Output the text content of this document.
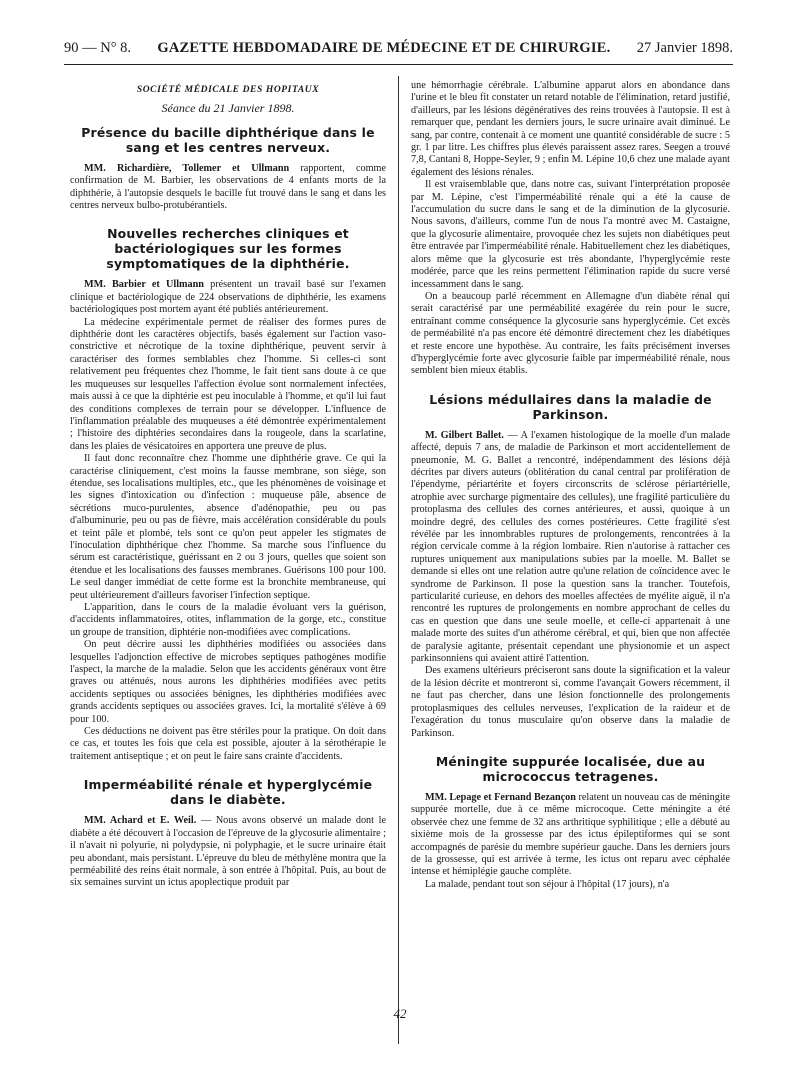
90 — N° 8. GAZETTE HEBDOMADAIRE DE MÉDECINE ET DE CHIRURGIE. 27 Janvier 1898.
SOCIÉTÉ MÉDICALE DES HOPITAUX
Séance du 21 Janvier 1898.
Présence du bacille diphthérique dans le sang et les centres nerveux.

MM. Richardière, Tollemer et Ullmann rapportent, comme confirmation de M. Barbier, les observations de 4 enfants morts de la diphthérie, à l'autopsie desquels le bacille fut trouvé dans le sang et dans les centres nerveux bulbo-protubérantiels.

Nouvelles recherches cliniques et bactériologiques sur les formes symptomatiques de la diphthérie.

MM. Barbier et Ullmann présentent un travail basé sur l'examen clinique et bactériologique de 224 observations de diphthérie, les examens bactériologiques post mortem ayant été publiés antérieurement.

La médecine expérimentale permet de réaliser des formes pures de diphthérie dont les caractères objectifs, basés également sur l'action vaso-constrictive et nécrotique de la toxine diphthérique, peuvent servir à caractériser des formes semblables chez l'homme. Si celles-ci sont relativement peu fréquentes chez l'homme, le fait tient sans doute à ce que les muqueuses sur lesquelles l'affection évolue sont normalement infectées, mais aussi à ce que la diphtérie est peu inoculable à l'homme, et qu'il lui faut des conditions complexes de terrain pour se développer. L'influence de l'inflammation préalable des muqueuses a été démontrée expérimentalement ; l'histoire des diphtéries secondaires dans la rougeole, dans la scarlatine, dans les plaies de vésicatoires en apportera une preuve de plus.

Il faut donc reconnaître chez l'homme une diphthérie grave. Ce qui la caractérise cliniquement, c'est moins la fausse membrane, son siège, son étendue, ses localisations multiples, etc., que les phénomènes de voisinage et les signes d'intoxication ou d'infection : muqueuse pâle, absence de sécrétions muco-purulentes, absence d'adénopathie, peu ou pas d'albuminurie, peu ou pas de fièvre, mais accélération considérable du pouls et teint pâle et plombé, tels sont ce qu'on peut appeler les stigmates de l'inoculation diphthérique chez l'homme. Sa marche sous l'influence du sérum est caractéristique, guérissant en 2 ou 3 jours, quelles que soient son étendue et les localisations des fausses membranes. Guérisons 100 pour 100. Le seul danger immédiat de cette forme est la bronchite membraneuse, qui peut ultérieurement d'ailleurs favoriser l'infection septique.

L'apparition, dans le cours de la maladie évoluant vers la guérison, d'accidents inflammatoires, otites, inflammation de la gorge, etc., constitue un groupe de transition, diphtérie non-modifiées avec complications.

On peut décrire aussi les diphthéries modifiées ou associées dans lesquelles l'adjonction effective de microbes septiques pathogènes modifie l'aspect, la marche de la maladie. Selon que les accidents généraux vont être graves ou atténués, nous aurons les diphthéries modifiées avec petits accidents septiques ou associées bénignes, les diphthéries modifiées avec grands accidents septiques ou associées graves. Ici, la mortalité s'élève à 69 pour 100.

Ces déductions ne doivent pas être stériles pour la pratique. On doit dans ce cas, et toutes les fois que cela est possible, ajouter à la sérothérapie le traitement antiseptique ; et on peut le faire sans crainte d'accidents.

Imperméabilité rénale et hyperglycémie dans le diabète.

MM. Achard et E. Weil. — Nous avons observé un malade dont le diabète a été découvert à l'occasion de l'épreuve de la glycosurie alimentaire ; il n'avait ni polyurie, ni polydypsie, ni polyphagie, et le sucre urinaire était peu abondant, mais persistant. L'épreuve du bleu de méthylène montra que la perméabilité des reins était normale, à son entrée à l'hôpital. Puis, au bout de six semaines survint un ictus apoplectique produit par

une hémorrhagie cérébrale. L'albumine apparut alors en abondance dans l'urine et le bleu fit constater un retard notable de l'élimination, retard justifié, d'ailleurs, par les lésions dégénératives des reins trouvées à l'autopsie. Il est à remarquer que, pendant les derniers jours, le sucre urinaire avait diminué. Le sang, par contre, contenait à ce moment une quantité considérable de sucre : 5 gr. 1 par litre. Les chiffres plus élevés paraissent assez rares. Seegen a trouvé 7,8, Cantani 8, Hoppe-Seyler, 9 ; enfin M. Lépine 10,6 chez une malade ayant également des lésions rénales.

Il est vraisemblable que, dans notre cas, suivant l'interprétation proposée par M. Lépine, c'est l'imperméabilité rénale qui a été la cause de l'accumulation du sucre dans le sang et de la diminution de la glycosurie. Nous savons, d'ailleurs, comme l'un de nous l'a montré avec M. Castaigne, que la glycosurie alimentaire, provoquée chez les sujets non diabétiques peut être entravée par l'imperméabilité rénale. Habituellement chez les diabétiques, alors même que la glycosurie est très abondante, l'hyperglycémie reste modérée, parce que les reins permettent l'élimination rapide du sucre versé incessamment dans le sang.

On a beaucoup parlé récemment en Allemagne d'un diabète rénal qui serait caractérisé par une perméabilité exagérée du rein pour le sucre, entraînant comme conséquence la glycosurie sans hyperglycémie. Cet excès de perméabilité n'a pas encore été démontré directement chez les diabétiques et reste encore une hypothèse. Au contraire, les faits précisément inverses d'hyperglycémie forte avec glycosurie faible par imperméabilité rénale, nous semblent bien mieux établis.

Lésions médullaires dans la maladie de Parkinson.

M. Gilbert Ballet. — A l'examen histologique de la moelle d'un malade affecté, depuis 7 ans, de maladie de Parkinson et mort accidentellement de pneumonie, M. G. Ballet a rencontré, indépendamment des lésions déjà décrites par divers auteurs (oblitération du canal central par prolifération de l'épendyme, périartérite et foyers circonscrits de sclérose périartérielle, atrophie avec surcharge pigmentaire des cellules), une fragilité particulière du protoplasma des cellules des cornes antérieures, et aussi, quoique à un moindre degré, des cellules des cornes postérieures. Cette fragilité s'est révélée par les innombrables ruptures de prolongements, rencontrées à la région cervicale comme à la région lombaire. Rien n'autorise à rattacher ces ruptures uniquement aux manipulations subies par la moelle. M. Ballet se demande si elles ont une relation autre qu'une relation de coïncidence avec le syndrome de Parkinson. Il pose la question sans la trancher. Toutefois, particularité curieuse, en dehors des moelles affectées de myélite aiguë, il n'a rencontré les ruptures de prolongements en nombre approchant de celles du cas en question que dans une seule moelle, et celle-ci appartenait à une malade morte des suites d'un athérome cérébral, et qui, bien que non affectée de paralysie agitante, présentait cependant une physionomie et un aspect parkinsonniens qui avaient attiré l'attention.

Des examens ultérieurs préciseront sans doute la signification et la valeur de la lésion décrite et montreront si, comme l'avançait Gowers récemment, il ne faut pas chercher, dans une lésion fonctionnelle des prolongements protoplasmiques des cellules nerveuses, l'explication de la raideur et de l'exagération du tonus musculaire qu'on observe dans la maladie de Parkinson.

Méningite suppurée localisée, due au micrococcus tetragenes.

MM. Lepage et Fernand Bezançon relatent un nouveau cas de méningite suppurée mortelle, due à ce même microcoque. Cette méningite a été observée chez une femme de 32 ans arthritique syphilitique ; elle a débuté au sixième mois de la grossesse par des ictus épileptiformes qui se sont accompagnés de parésie du membre supérieur gauche. Dans les derniers jours de la grossesse, qui est arrivée à terme, les ictus ont reparu avec céphalée intense et hémiplégie gauche complète.

La malade, pendant tout son séjour à l'hôpital (17 jours), n'a

42
